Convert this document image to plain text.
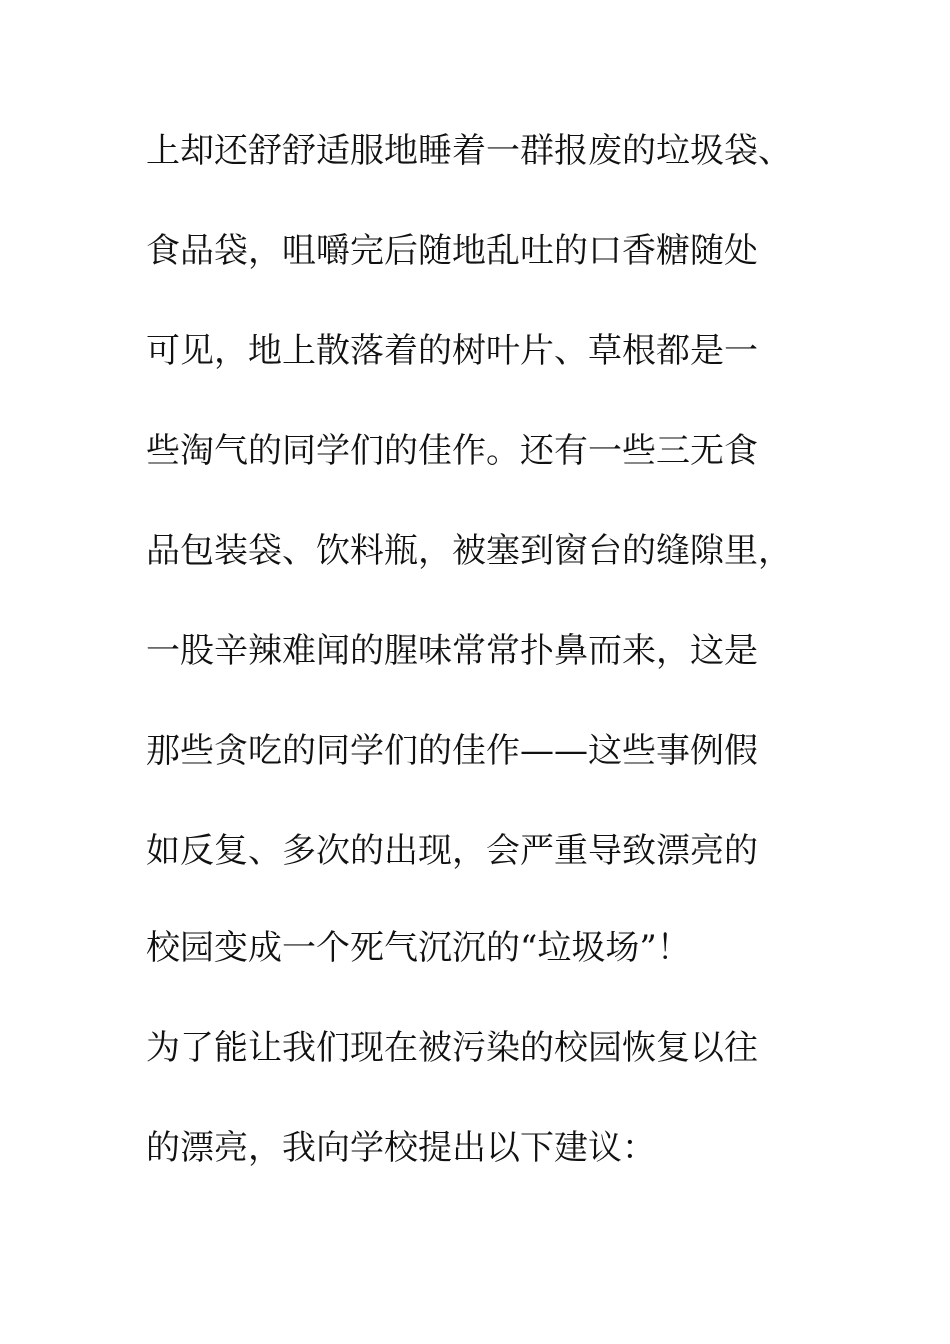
上却还舒舒适服地睡着一群报废的垃圾袋、
食品袋，咀嚼完后随地乱吐的口香糖随处
可见，地上散落着的树叶片、草根都是一
些淘气的同学们的佳作。还有一些三无食
品包装袋、饮料瓶，被塞到窗台的缝隙里，
一股辛辣难闻的腥味常常扑鼻而来，这是
那些贪吃的同学们的佳作——这些事例假
如反复、多次的出现，会严重导致漂亮的
校园变成一个死气沉沉的“垃圾场”！
为了能让我们现在被污染的校园恢复以往
的漂亮，我向学校提出以下建议：
